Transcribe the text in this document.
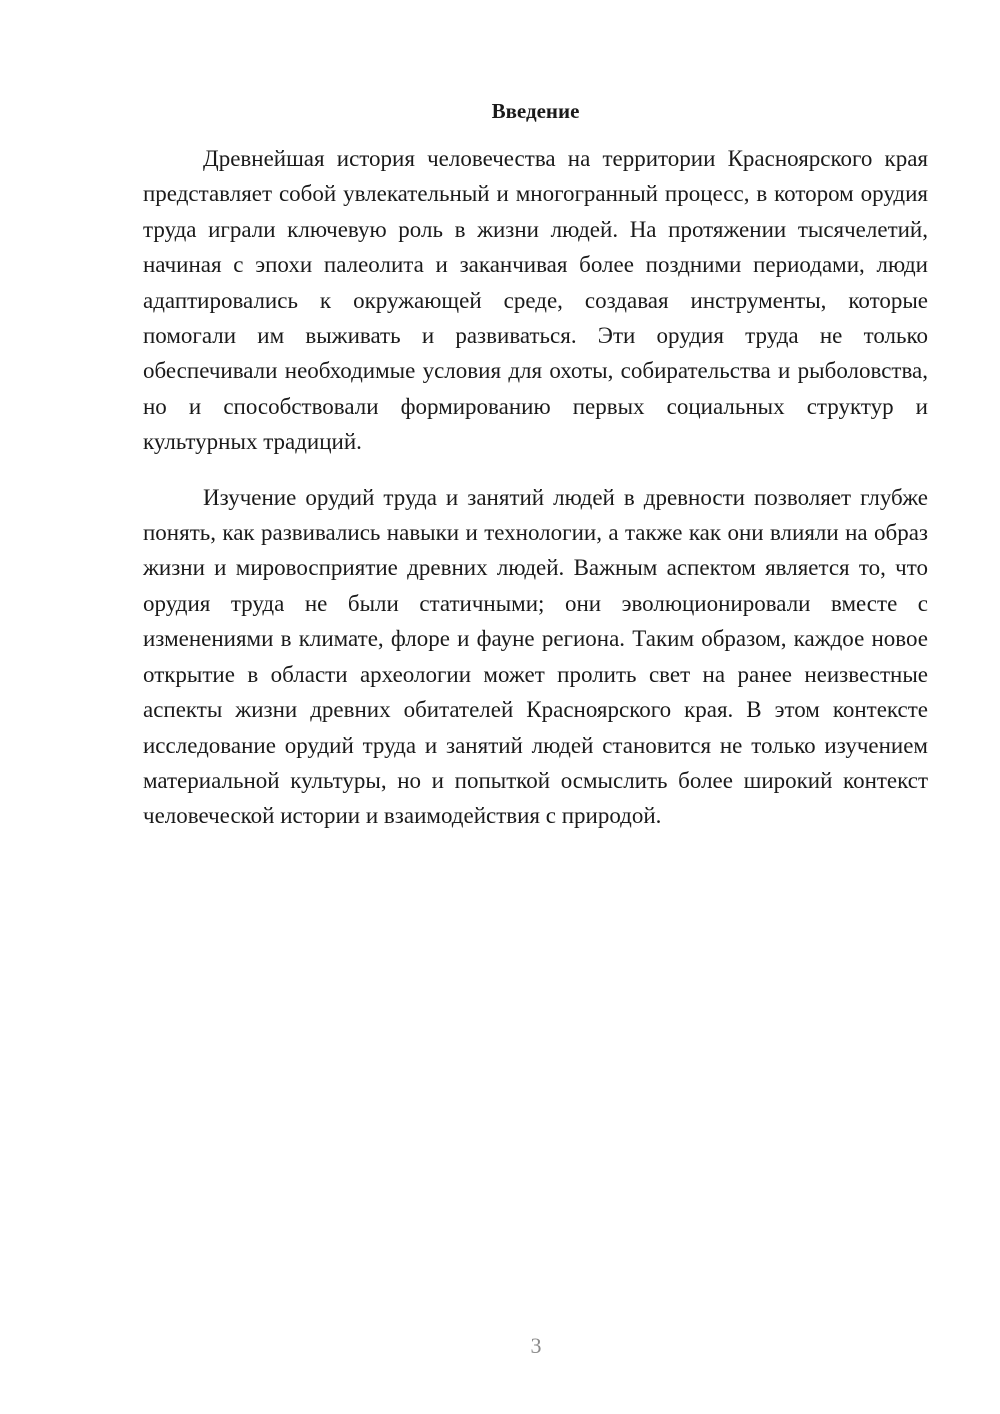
Введение

Древнейшая история человечества на территории Красноярского края представляет собой увлекательный и многогранный процесс, в котором орудия труда играли ключевую роль в жизни людей. На протяжении тысячелетий, начиная с эпохи палеолита и заканчивая более поздними периодами, люди адаптировались к окружающей среде, создавая инструменты, которые помогали им выживать и развиваться. Эти орудия труда не только обеспечивали необходимые условия для охоты, собирательства и рыболовства, но и способствовали формированию первых социальных структур и культурных традиций.

Изучение орудий труда и занятий людей в древности позволяет глубже понять, как развивались навыки и технологии, а также как они влияли на образ жизни и мировосприятие древних людей. Важным аспектом является то, что орудия труда не были статичными; они эволюционировали вместе с изменениями в климате, флоре и фауне региона. Таким образом, каждое новое открытие в области археологии может пролить свет на ранее неизвестные аспекты жизни древних обитателей Красноярского края. В этом контексте исследование орудий труда и занятий людей становится не только изучением материальной культуры, но и попыткой осмыслить более широкий контекст человеческой истории и взаимодействия с природой.

3
